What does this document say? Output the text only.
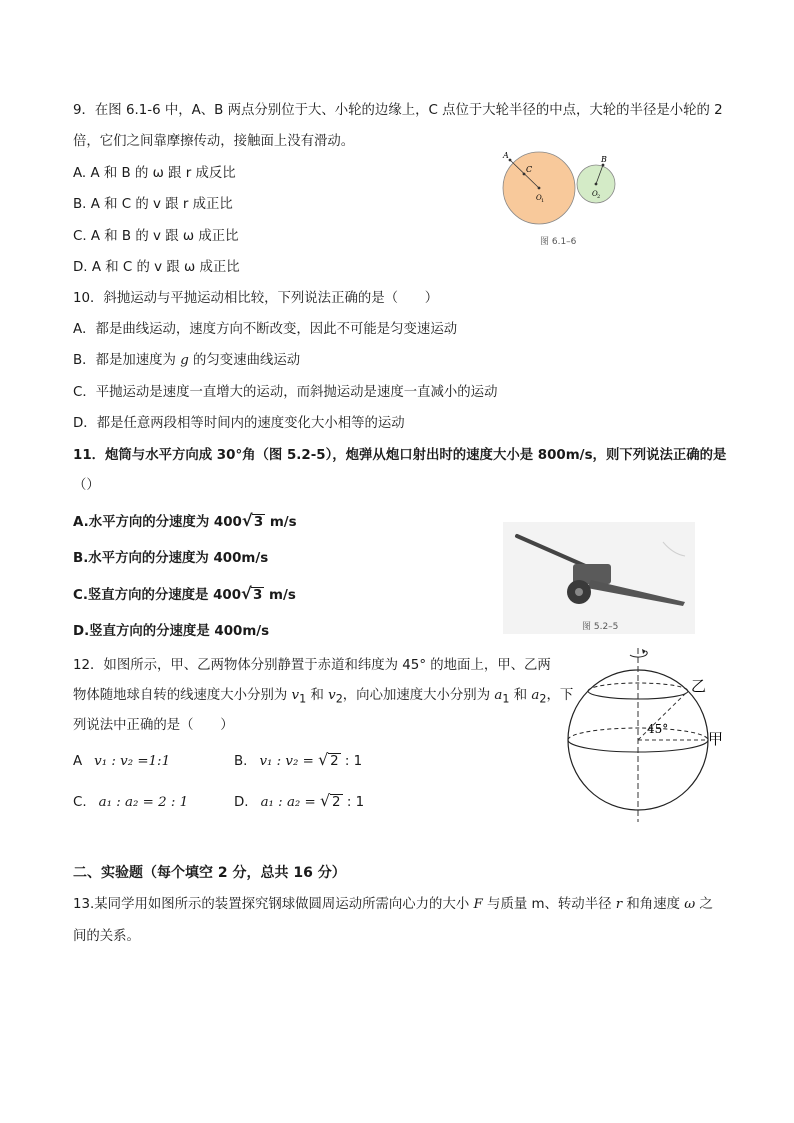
9．在图 6.1-6 中，A、B 两点分别位于大、小轮的边缘上，C 点位于大轮半径的中点，大轮的半径是小轮的 2
倍，它们之间靠摩擦传动，接触面上没有滑动。
A. A 和 B 的 ω 跟 r 成反比
B. A 和 C 的 v 跟 r 成正比
C. A 和 B 的 v 跟 ω 成正比
D. A 和 C 的 v 跟 ω 成正比
A
C
B
O 1
O 2
图 6.1–6
10．斜抛运动与平抛运动相比较，下列说法正确的是（　　）
A．都是曲线运动，速度方向不断改变，因此不可能是匀变速运动
B．都是加速度为 g 的匀变速曲线运动
C．平抛运动是速度一直增大的运动，而斜抛运动是速度一直减小的运动
D．都是任意两段相等时间内的速度变化大小相等的运动
11．炮筒与水平方向成 30°角（图 5.2-5），炮弹从炮口射出时的速度大小是 800m/s，则下列说法正确的是
（）
A.水平方向的分速度为 400 √ 3 m/s
B.水平方向的分速度为 400m/s
C.竖直方向的分速度是 400 √ 3 m/s
D.竖直方向的分速度是 400m/s	图 5.2–5
12．如图所示，甲、乙两物体分别静置于赤道和纬度为 45° 的地面上，甲、乙两
物体随地球自转的线速度大小分别为 $v_1$ 和 $v_2$，向心加速度大小分别为 $a_1$ 和 $a_2$，下
列说法中正确的是（　　）
A v₁ : v₂ =1:1	B. v₁ : v₂ = √ 2 : 1
C. a₁ : a₂ = 2 : 1	D. a₁ : a₂ = √ 2 : 1
45°
乙
甲
二、实验题（每个填空 2 分，总共 16 分）
13.某同学用如图所示的装置探究钢球做圆周运动所需向心力的大小 F 与质量 m、转动半径 r 和角速度 ω 之
间的关系。
